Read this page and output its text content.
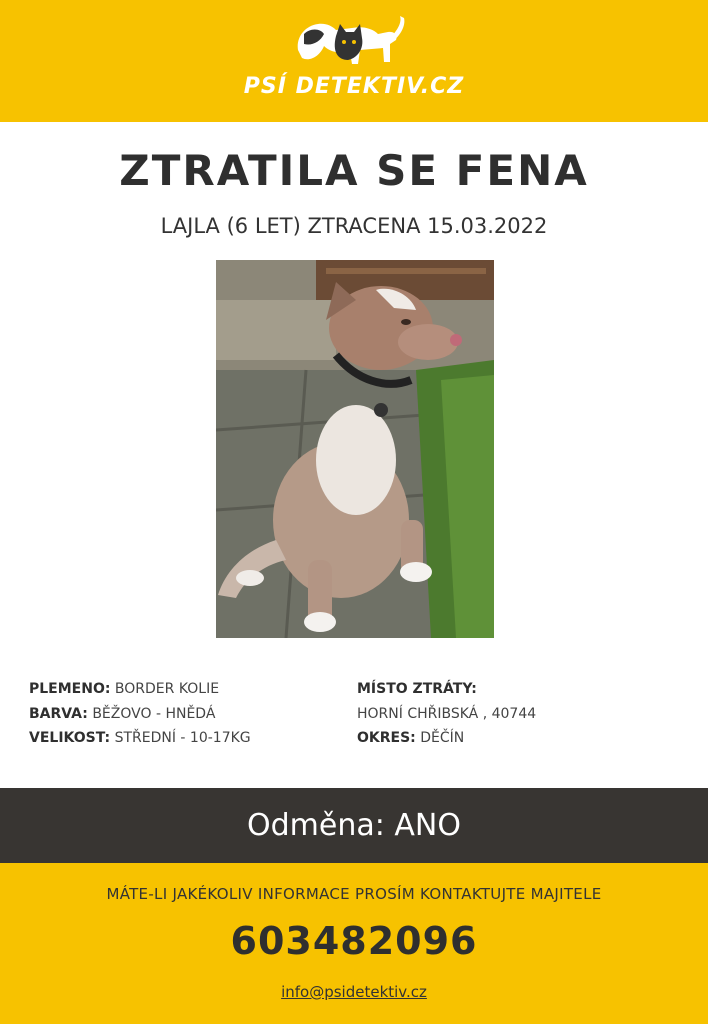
PSÍ DETEKTIV.CZ
ZTRATILA SE FENA
LAJLA (6 LET) ZTRACENA 15.03.2022
PLEMENO: BORDER KOLIE
BARVA: BĚŽOVO - HNĚDÁ
VELIKOST: STŘEDNÍ - 10-17KG
MÍSTO ZTRÁTY:
HORNÍ CHŘIBSKÁ , 40744
OKRES: DĚČÍN
Odměna: ANO
MÁTE-LI JAKÉKOLIV INFORMACE PROSÍM KONTAKTUJTE MAJITELE
603482096
info@psidetektiv.cz
